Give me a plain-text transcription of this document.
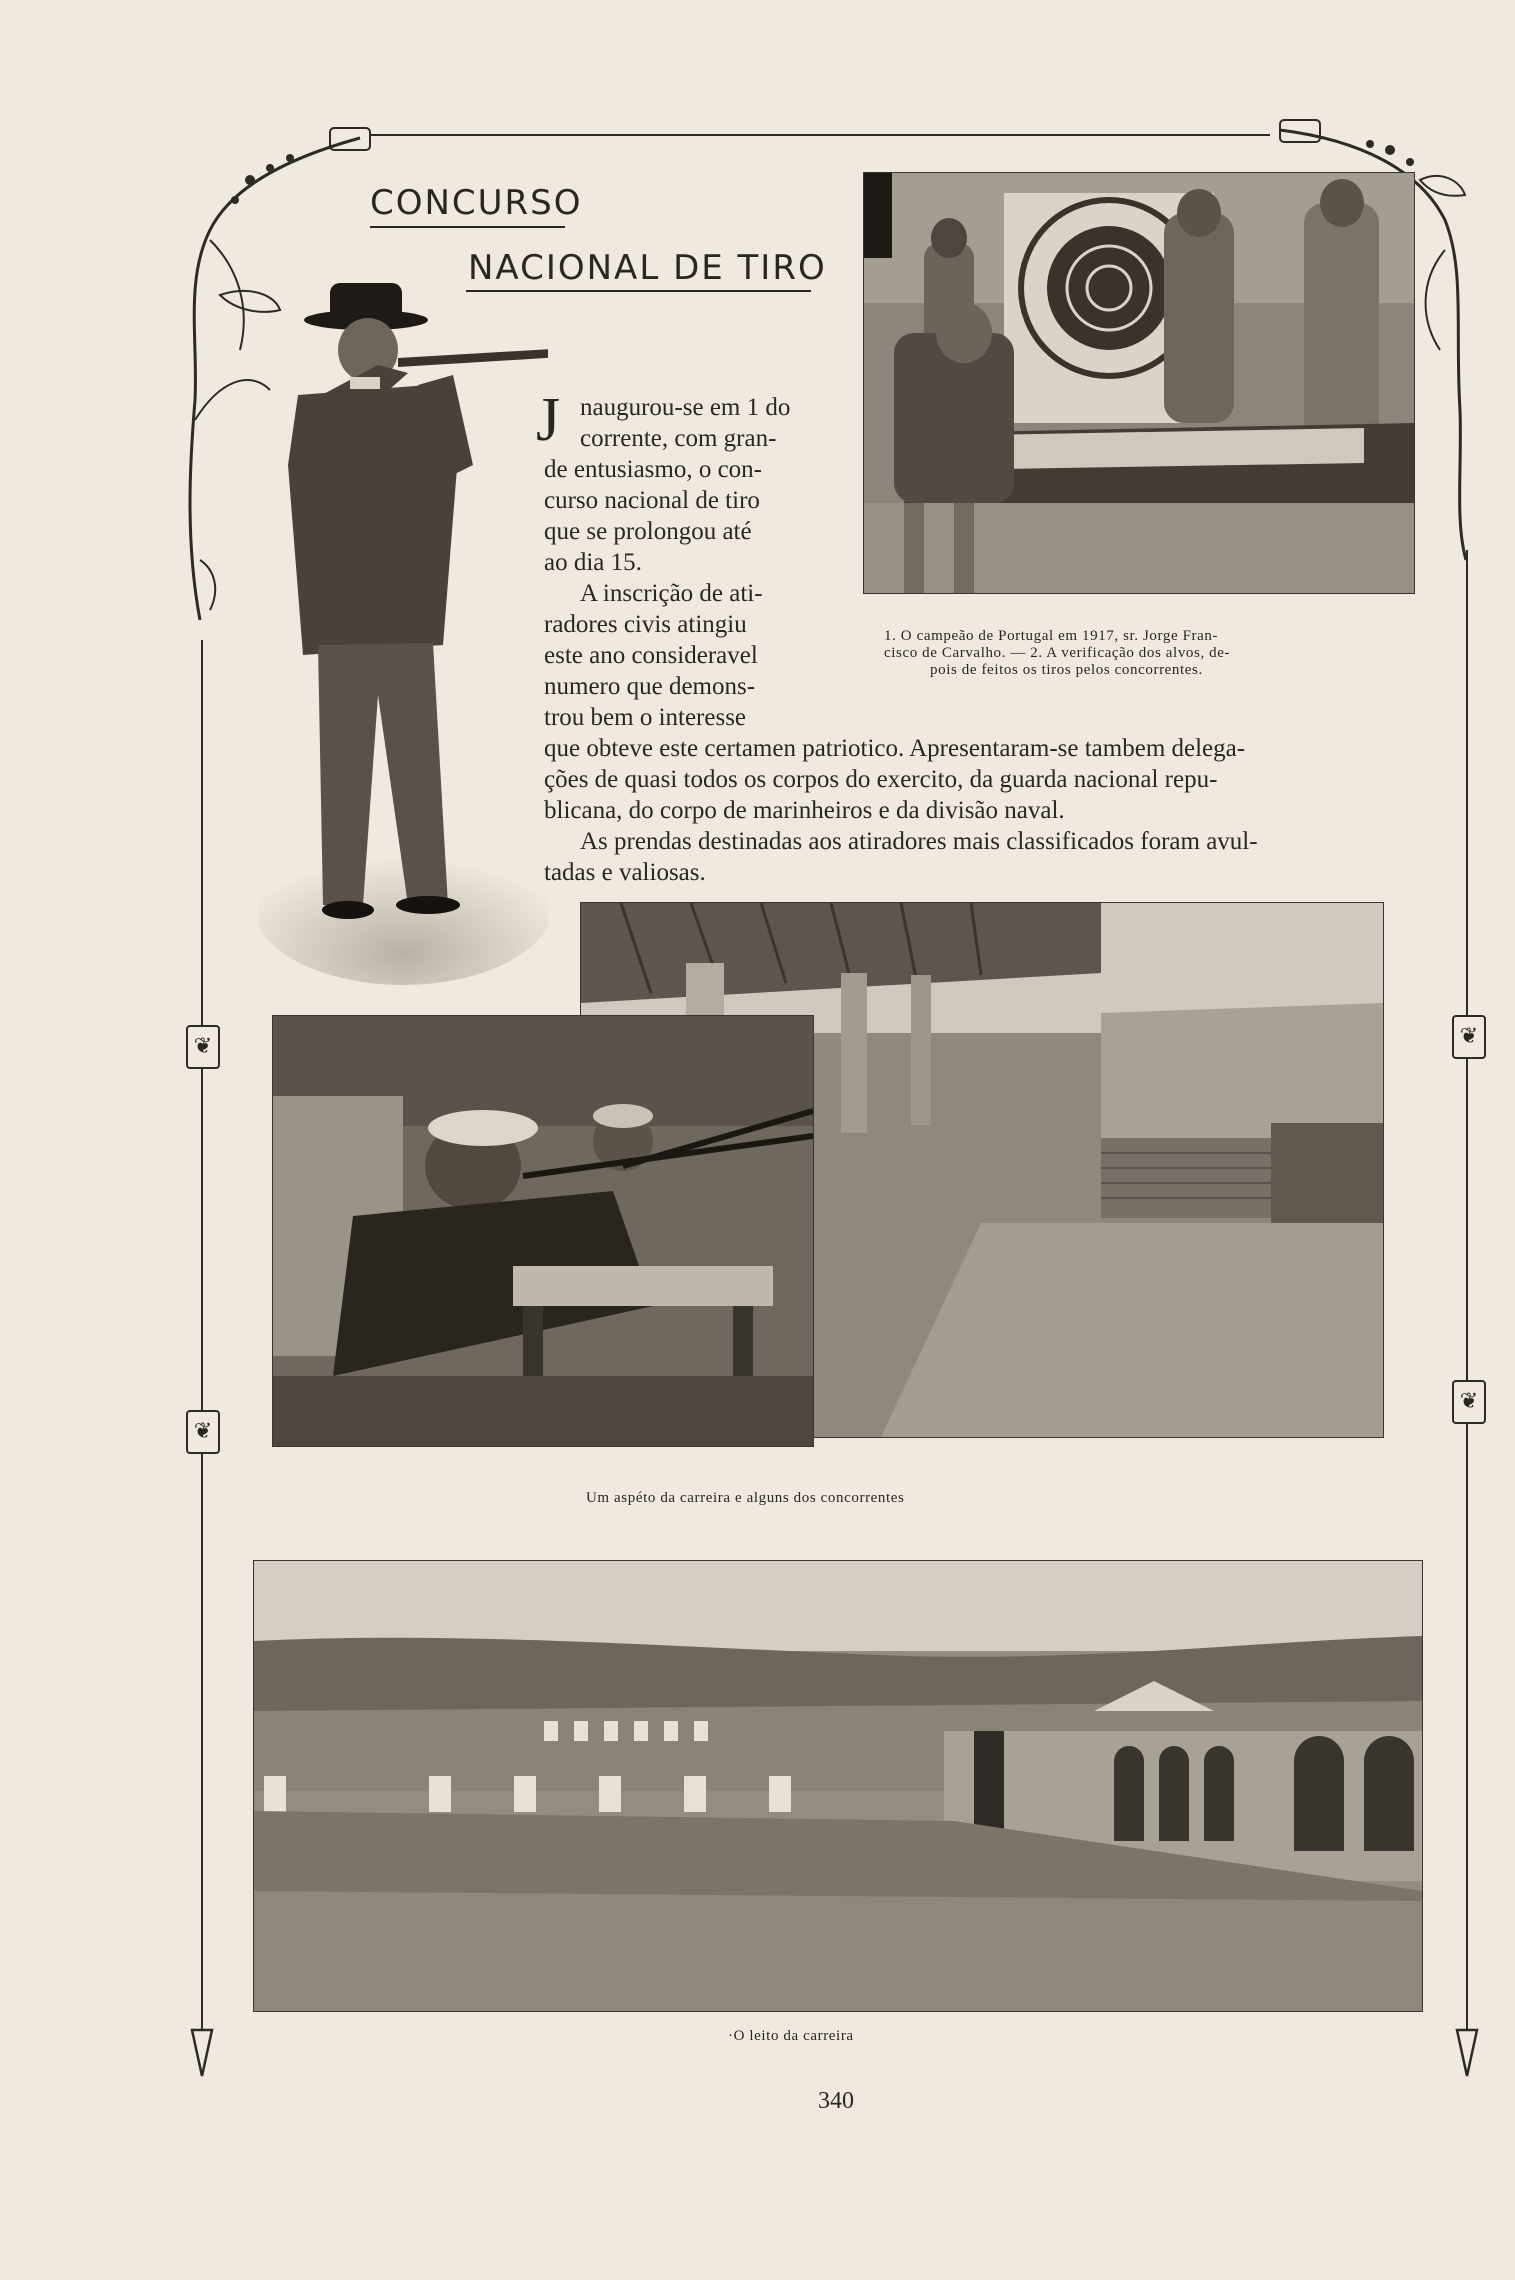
❦
❦
❦
❦
CONCURSO
NACIONAL DE TIRO
J naugurou-se em 1 do
corrente, com gran-
de entusiasmo, o con-
curso nacional de tiro
que se prolongou até
ao dia 15.
A inscrição de ati-
radores civis atingiu
este ano consideravel
numero que demons-
trou bem o interesse
que obteve este certamen patriotico. Apresentaram-se tambem delega-
ções de quasi todos os corpos do exercito, da guarda nacional repu-
blicana, do corpo de marinheiros e da divisão naval.
As prendas destinadas aos atiradores mais classificados foram avul-
tadas e valiosas.
1. O campeão de Portugal em 1917, sr. Jorge Fran-
cisco de Carvalho. — 2. A verificação dos alvos, de-
pois de feitos os tiros pelos concorrentes.
Um aspéto da carreira e alguns dos concorrentes
·O leito da carreira
340
